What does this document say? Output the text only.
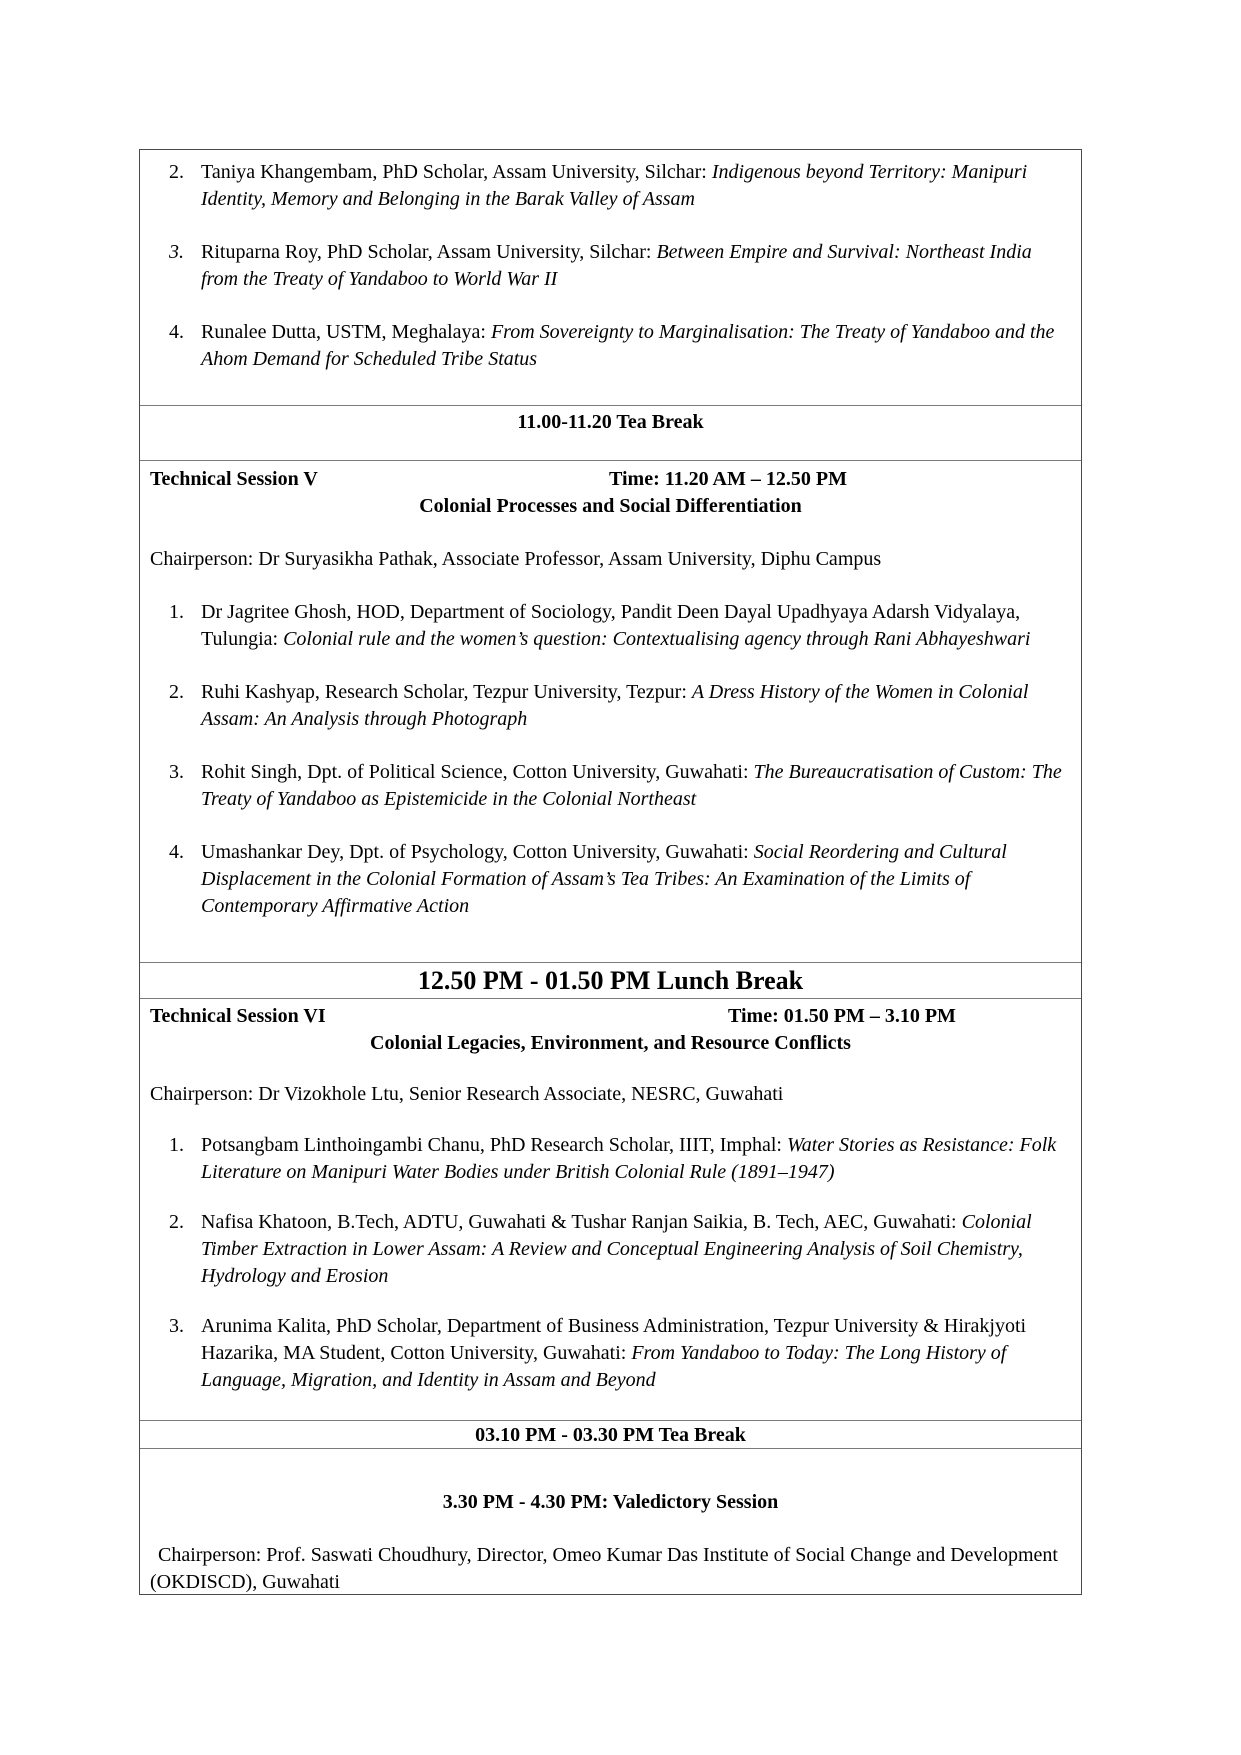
2. Taniya Khangembam, PhD Scholar, Assam University, Silchar: Indigenous beyond Territory: Manipuri Identity, Memory and Belonging in the Barak Valley of Assam
3. Rituparna Roy, PhD Scholar, Assam University, Silchar: Between Empire and Survival: Northeast India from the Treaty of Yandaboo to World War II
4. Runalee Dutta, USTM, Meghalaya: From Sovereignty to Marginalisation: The Treaty of Yandaboo and the Ahom Demand for Scheduled Tribe Status
11.00-11.20 Tea Break
Technical Session V	Time: 11.20 AM – 12.50 PM
Colonial Processes and Social Differentiation
Chairperson: Dr Suryasikha Pathak, Associate Professor, Assam University, Diphu Campus
1. Dr Jagritee Ghosh, HOD, Department of Sociology, Pandit Deen Dayal Upadhyaya Adarsh Vidyalaya, Tulungia: Colonial rule and the women’s question: Contextualising agency through Rani Abhayeshwari
2. Ruhi Kashyap, Research Scholar, Tezpur University, Tezpur: A Dress History of the Women in Colonial Assam: An Analysis through Photograph
3. Rohit Singh, Dpt. of Political Science, Cotton University, Guwahati: The Bureaucratisation of Custom: The Treaty of Yandaboo as Epistemicide in the Colonial Northeast
4. Umashankar Dey, Dpt. of Psychology, Cotton University, Guwahati: Social Reordering and Cultural Displacement in the Colonial Formation of Assam’s Tea Tribes: An Examination of the Limits of Contemporary Affirmative Action
12.50 PM - 01.50 PM Lunch Break
Technical Session VI	Time: 01.50 PM – 3.10 PM
Colonial Legacies, Environment, and Resource Conflicts
Chairperson: Dr Vizokhole Ltu, Senior Research Associate, NESRC, Guwahati
1. Potsangbam Linthoingambi Chanu, PhD Research Scholar, IIIT, Imphal: Water Stories as Resistance: Folk Literature on Manipuri Water Bodies under British Colonial Rule (1891–1947)
2. Nafisa Khatoon, B.Tech, ADTU, Guwahati & Tushar Ranjan Saikia, B. Tech, AEC, Guwahati: Colonial Timber Extraction in Lower Assam: A Review and Conceptual Engineering Analysis of Soil Chemistry, Hydrology and Erosion
3. Arunima Kalita, PhD Scholar, Department of Business Administration, Tezpur University & Hirakjyoti Hazarika, MA Student, Cotton University, Guwahati: From Yandaboo to Today: The Long History of Language, Migration, and Identity in Assam and Beyond
03.10 PM - 03.30 PM Tea Break
3.30 PM - 4.30 PM: Valedictory Session
Chairperson: Prof. Saswati Choudhury, Director, Omeo Kumar Das Institute of Social Change and Development (OKDISCD), Guwahati
